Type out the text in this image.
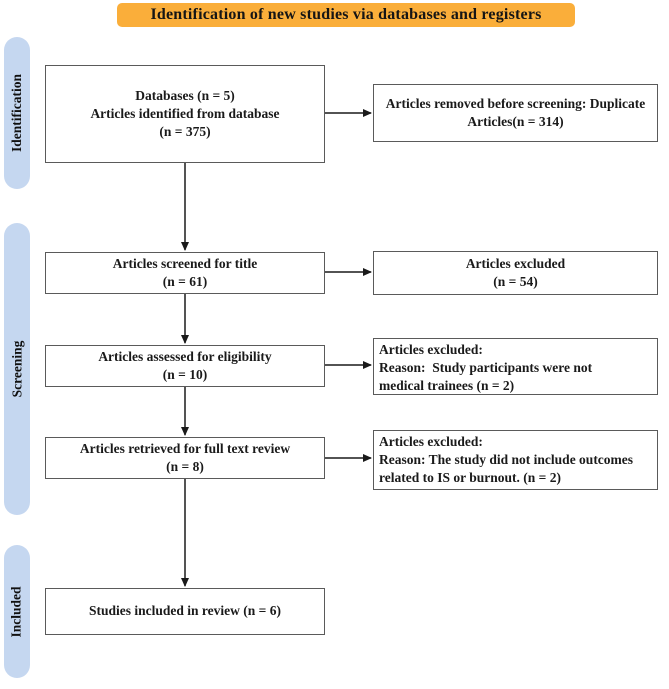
Identification of new studies via databases and registers
Identification
Screening
Included
Databases (n = 5)
Articles identified from database
(n = 375)
Articles screened for title
(n = 61)
Articles assessed for eligibility
(n = 10)
Articles retrieved for full text review
(n = 8)
Studies included in review (n = 6)
Articles removed before screening: Duplicate
Articles(n = 314)
Articles excluded
(n = 54)
Articles excluded:
Reason:  Study participants were not
medical trainees (n = 2)
Articles excluded:
Reason: The study did not include outcomes
related to IS or burnout. (n = 2)
